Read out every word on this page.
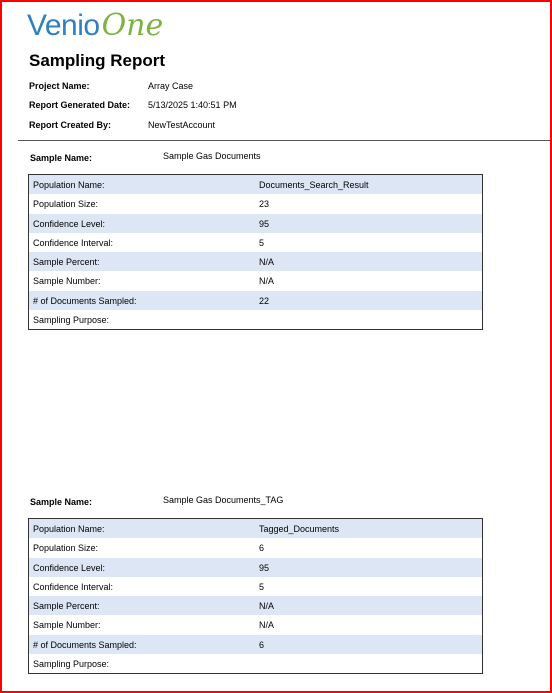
VenioOne
Sampling Report
Project Name:	Array Case
Report Generated Date: 5/13/2025 1:40:51 PM
Report Created By:	NewTestAccount
Sample Name:	Sample Gas Documents
Population Name:	Documents_Search_Result
Population Size:	23
Confidence Level:	95
Confidence Interval:	5
Sample Percent:	N/A
Sample Number:	N/A
# of Documents Sampled:	22
Sampling Purpose:
Sample Name:	Sample Gas Documents_TAG
Population Name:	Tagged_Documents
Population Size:	6
Confidence Level:	95
Confidence Interval:	5
Sample Percent:	N/A
Sample Number:	N/A
# of Documents Sampled:	6
Sampling Purpose:
